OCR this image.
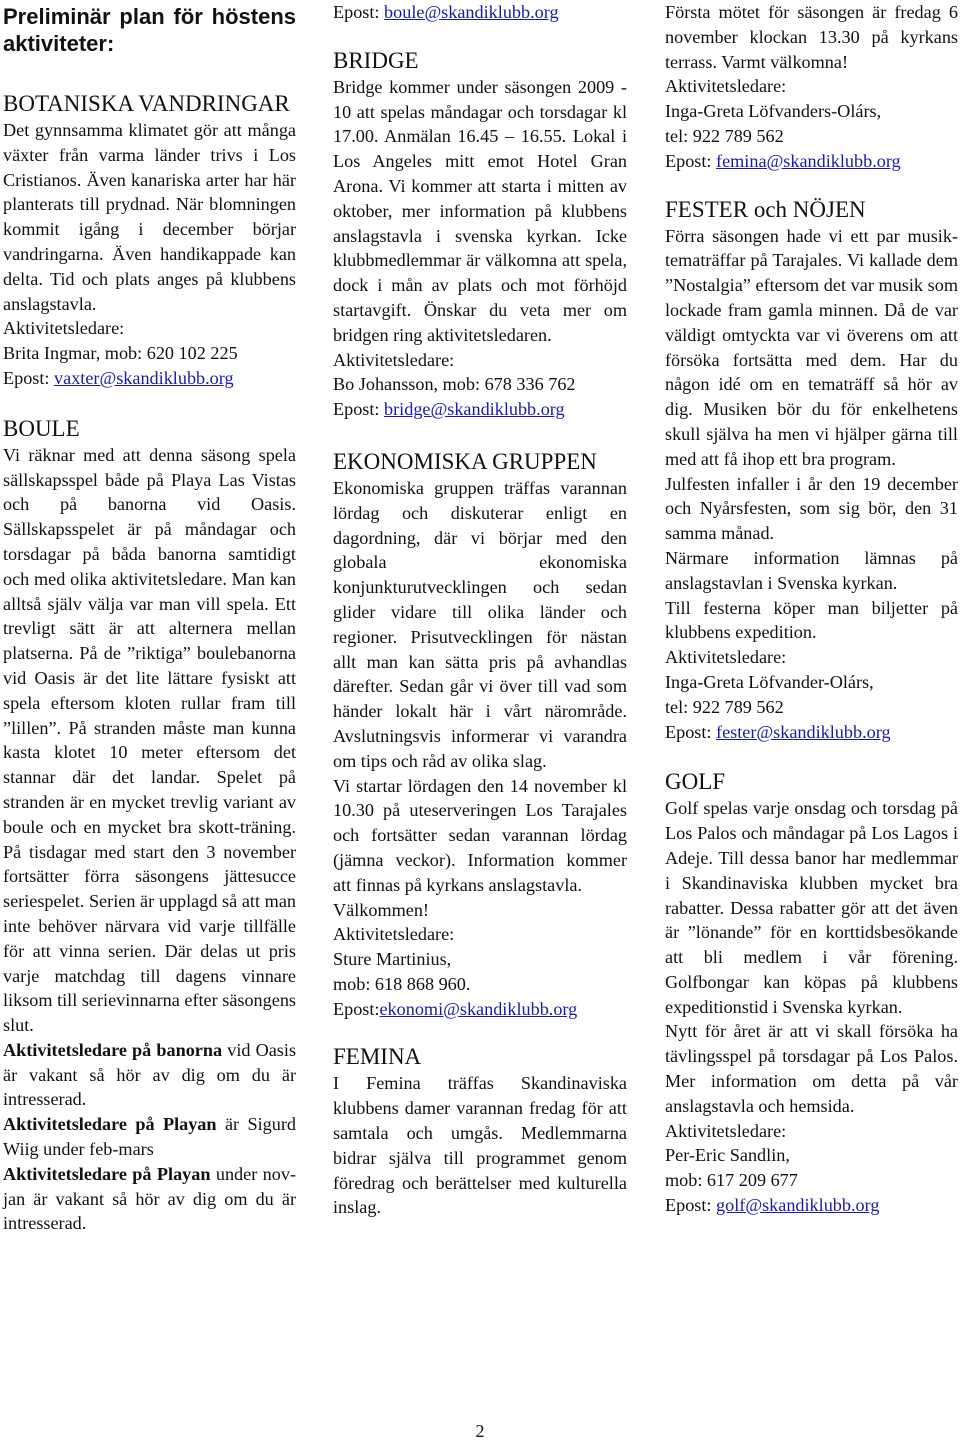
Preliminär plan för höstens aktiviteter:
BOTANISKA VANDRINGAR

Det gynnsamma klimatet gör att många växter från varma länder trivs i Los Cristianos. Även kanariska arter har här planterats till prydnad. När blomningen kommit igång i december börjar vandringarna. Även handikappade kan delta. Tid och plats anges på klubbens anslagstavla.

Aktivitetsledare:

Brita Ingmar, mob: 620 102 225

Epost: vaxter@skandiklubb.org

BOULE

Vi räknar med att denna säsong spela sällskapsspel både på Playa Las Vistas och på banorna vid Oasis. Sällskapsspelet är på måndagar och torsdagar på båda banorna samtidigt och med olika aktivitetsledare. Man kan alltså själv välja var man vill spela. Ett trevligt sätt är att alternera mellan platserna. På de ”riktiga” boulebanorna vid Oasis är det lite lättare fysiskt att spela eftersom kloten rullar fram till ”lillen”. På stranden måste man kunna kasta klotet 10 meter eftersom det stannar där det landar. Spelet på stranden är en mycket trevlig variant av boule och en mycket bra skott-träning. På tisdagar med start den 3 november fortsätter förra säsongens jättesucce seriespelet. Serien är upplagd så att man inte behöver närvara vid varje tillfälle för att vinna serien. Där delas ut pris varje matchdag till dagens vinnare liksom till serievinnarna efter säsongens slut.

Aktivitetsledare på banorna vid Oasis är vakant så hör av dig om du är intresserad.

Aktivitetsledare på Playan är Sigurd Wiig under feb-mars

Aktivitetsledare på Playan under nov-jan är vakant så hör av dig om du är intresserad.

Epost: boule@skandiklubb.org

BRIDGE

Bridge kommer under säsongen 2009 - 10 att spelas måndagar och torsdagar kl 17.00. Anmälan 16.45 – 16.55. Lokal i Los Angeles mitt emot Hotel Gran Arona. Vi kommer att starta i mitten av oktober, mer information på klubbens anslagstavla i svenska kyrkan. Icke klubbmedlemmar är välkomna att spela, dock i mån av plats och mot förhöjd startavgift. Önskar du veta mer om bridgen ring aktivitetsledaren.

Aktivitetsledare:

Bo Johansson, mob: 678 336 762

Epost: bridge@skandiklubb.org

EKONOMISKA GRUPPEN

Ekonomiska gruppen träffas varannan lördag och diskuterar enligt en dagordning, där vi börjar med den globala ekonomiska konjunkturutvecklingen och sedan glider vidare till olika länder och regioner. Prisutvecklingen för nästan allt man kan sätta pris på avhandlas därefter. Sedan går vi över till vad som händer lokalt här i vårt närområde. Avslutningsvis informerar vi varandra om tips och råd av olika slag.

Vi startar lördagen den 14 november kl 10.30 på uteserveringen Los Tarajales och fortsätter sedan varannan lördag (jämna veckor). Information kommer att finnas på kyrkans anslagstavla.

Välkommen!

Aktivitetsledare:

Sture Martinius,

mob: 618 868 960.

Epost:ekonomi@skandiklubb.org

FEMINA

I Femina träffas Skandinaviska klubbens damer varannan fredag för att samtala och umgås. Medlemmarna bidrar själva till programmet genom föredrag och berättelser med kulturella inslag.

Första mötet för säsongen är fredag 6 november klockan 13.30 på kyrkans terrass. Varmt välkomna!

Aktivitetsledare:

Inga-Greta Löfvanders-Olárs,

tel: 922 789 562

Epost: femina@skandiklubb.org

FESTER och NÖJEN

Förra säsongen hade vi ett par musik-tematräffar på Tarajales. Vi kallade dem ”Nostalgia” eftersom det var musik som lockade fram gamla minnen. Då de var väldigt omtyckta var vi överens om att försöka fortsätta med dem. Har du någon idé om en tematräff så hör av dig. Musiken bör du för enkelhetens skull själva ha men vi hjälper gärna till med att få ihop ett bra program.

Julfesten infaller i år den 19 december och Nyårsfesten, som sig bör, den 31 samma månad.

Närmare information lämnas på anslagstavlan i Svenska kyrkan.

Till festerna köper man biljetter på klubbens expedition.

Aktivitetsledare:

Inga-Greta Löfvander-Olárs,

tel: 922 789 562

Epost: fester@skandiklubb.org

GOLF

Golf spelas varje onsdag och torsdag på Los Palos och måndagar på Los Lagos i Adeje. Till dessa banor har medlemmar i Skandinaviska klubben mycket bra rabatter. Dessa rabatter gör att det även är ”lönande” för en korttidsbesökande att bli medlem i vår förening. Golfbongar kan köpas på klubbens expeditionstid i Svenska kyrkan.

Nytt för året är att vi skall försöka ha tävlingsspel på torsdagar på Los Palos. Mer information om detta på vår anslagstavla och hemsida.

Aktivitetsledare:

Per-Eric Sandlin,

mob: 617 209 677

Epost: golf@skandiklubb.org

2
